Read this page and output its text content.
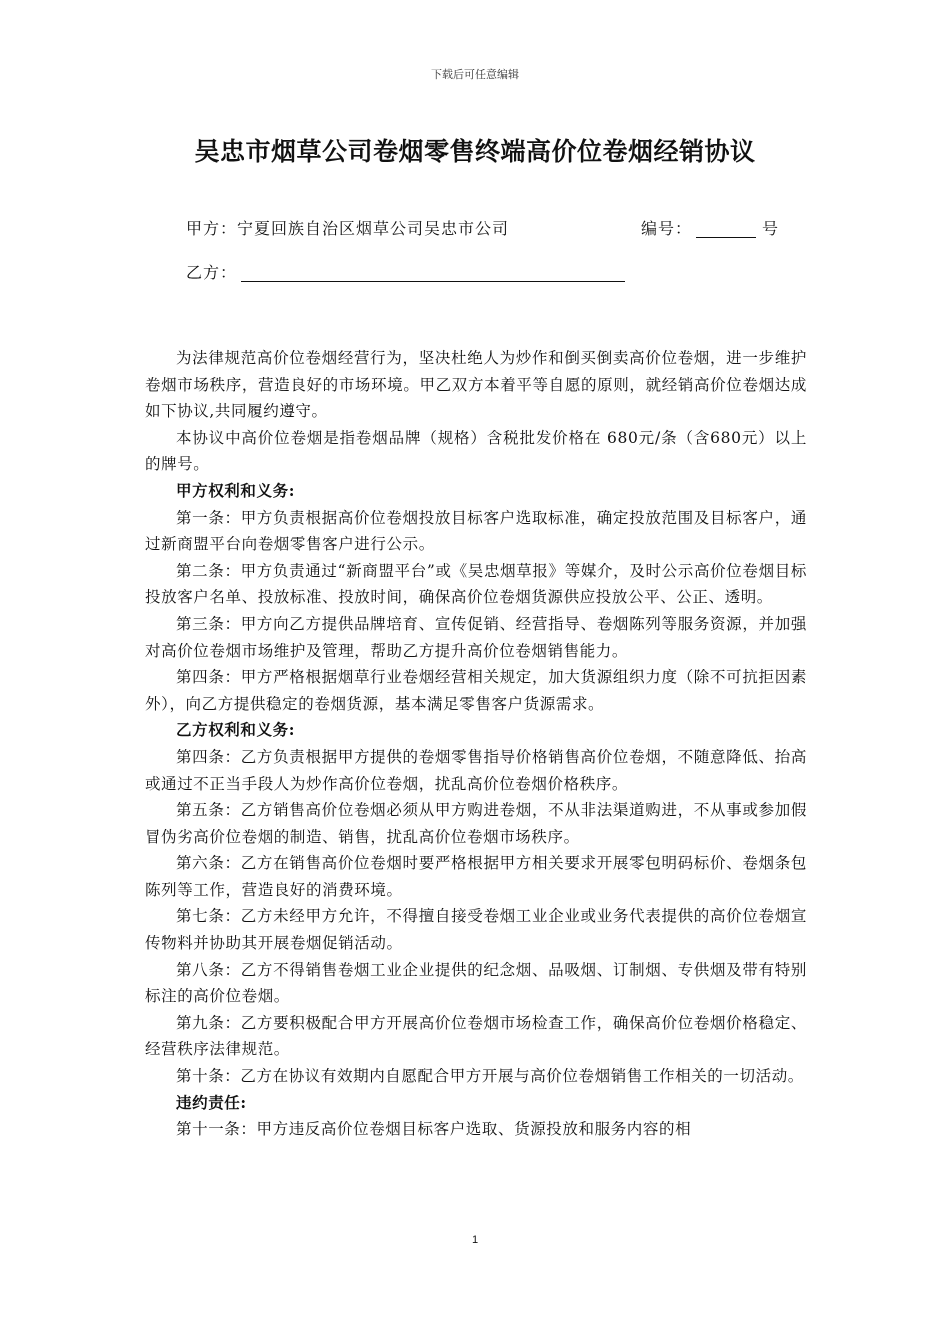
下载后可任意编辑
吴忠市烟草公司卷烟零售终端高价位卷烟经销协议
甲方：宁夏回族自治区烟草公司吴忠市公司	编号：	号
乙方：

为法律规范高价位卷烟经营行为，坚决杜绝人为炒作和倒买倒卖高价位卷烟，进一步维护卷烟市场秩序，营造良好的市场环境。甲乙双方本着平等自愿的原则，就经销高价位卷烟达成如下协议,共同履约遵守。

本协议中高价位卷烟是指卷烟品牌（规格）含税批发价格在 680元/条（含680元）以上的牌号。

甲方权利和义务:

第一条：甲方负责根据高价位卷烟投放目标客户选取标准，确定投放范围及目标客户，通过新商盟平台向卷烟零售客户进行公示。

第二条：甲方负责通过“新商盟平台”或《吴忠烟草报》等媒介，及时公示高价位卷烟目标投放客户名单、投放标准、投放时间，确保高价位卷烟货源供应投放公平、公正、透明。

第三条：甲方向乙方提供品牌培育、宣传促销、经营指导、卷烟陈列等服务资源，并加强对高价位卷烟市场维护及管理，帮助乙方提升高价位卷烟销售能力。

第四条：甲方严格根据烟草行业卷烟经营相关规定，加大货源组织力度（除不可抗拒因素外），向乙方提供稳定的卷烟货源，基本满足零售客户货源需求。

乙方权利和义务:

第四条：乙方负责根据甲方提供的卷烟零售指导价格销售高价位卷烟，不随意降低、抬高或通过不正当手段人为炒作高价位卷烟，扰乱高价位卷烟价格秩序。

第五条：乙方销售高价位卷烟必须从甲方购进卷烟，不从非法渠道购进，不从事或参加假冒伪劣高价位卷烟的制造、销售，扰乱高价位卷烟市场秩序。

第六条：乙方在销售高价位卷烟时要严格根据甲方相关要求开展零包明码标价、卷烟条包陈列等工作，营造良好的消费环境。

第七条：乙方未经甲方允许，不得擅自接受卷烟工业企业或业务代表提供的高价位卷烟宣传物料并协助其开展卷烟促销活动。

第八条：乙方不得销售卷烟工业企业提供的纪念烟、品吸烟、订制烟、专供烟及带有特别标注的高价位卷烟。

第九条：乙方要积极配合甲方开展高价位卷烟市场检查工作，确保高价位卷烟价格稳定、经营秩序法律规范。

第十条：乙方在协议有效期内自愿配合甲方开展与高价位卷烟销售工作相关的一切活动。

违约责任:

第十一条：甲方违反高价位卷烟目标客户选取、货源投放和服务内容的相

1
